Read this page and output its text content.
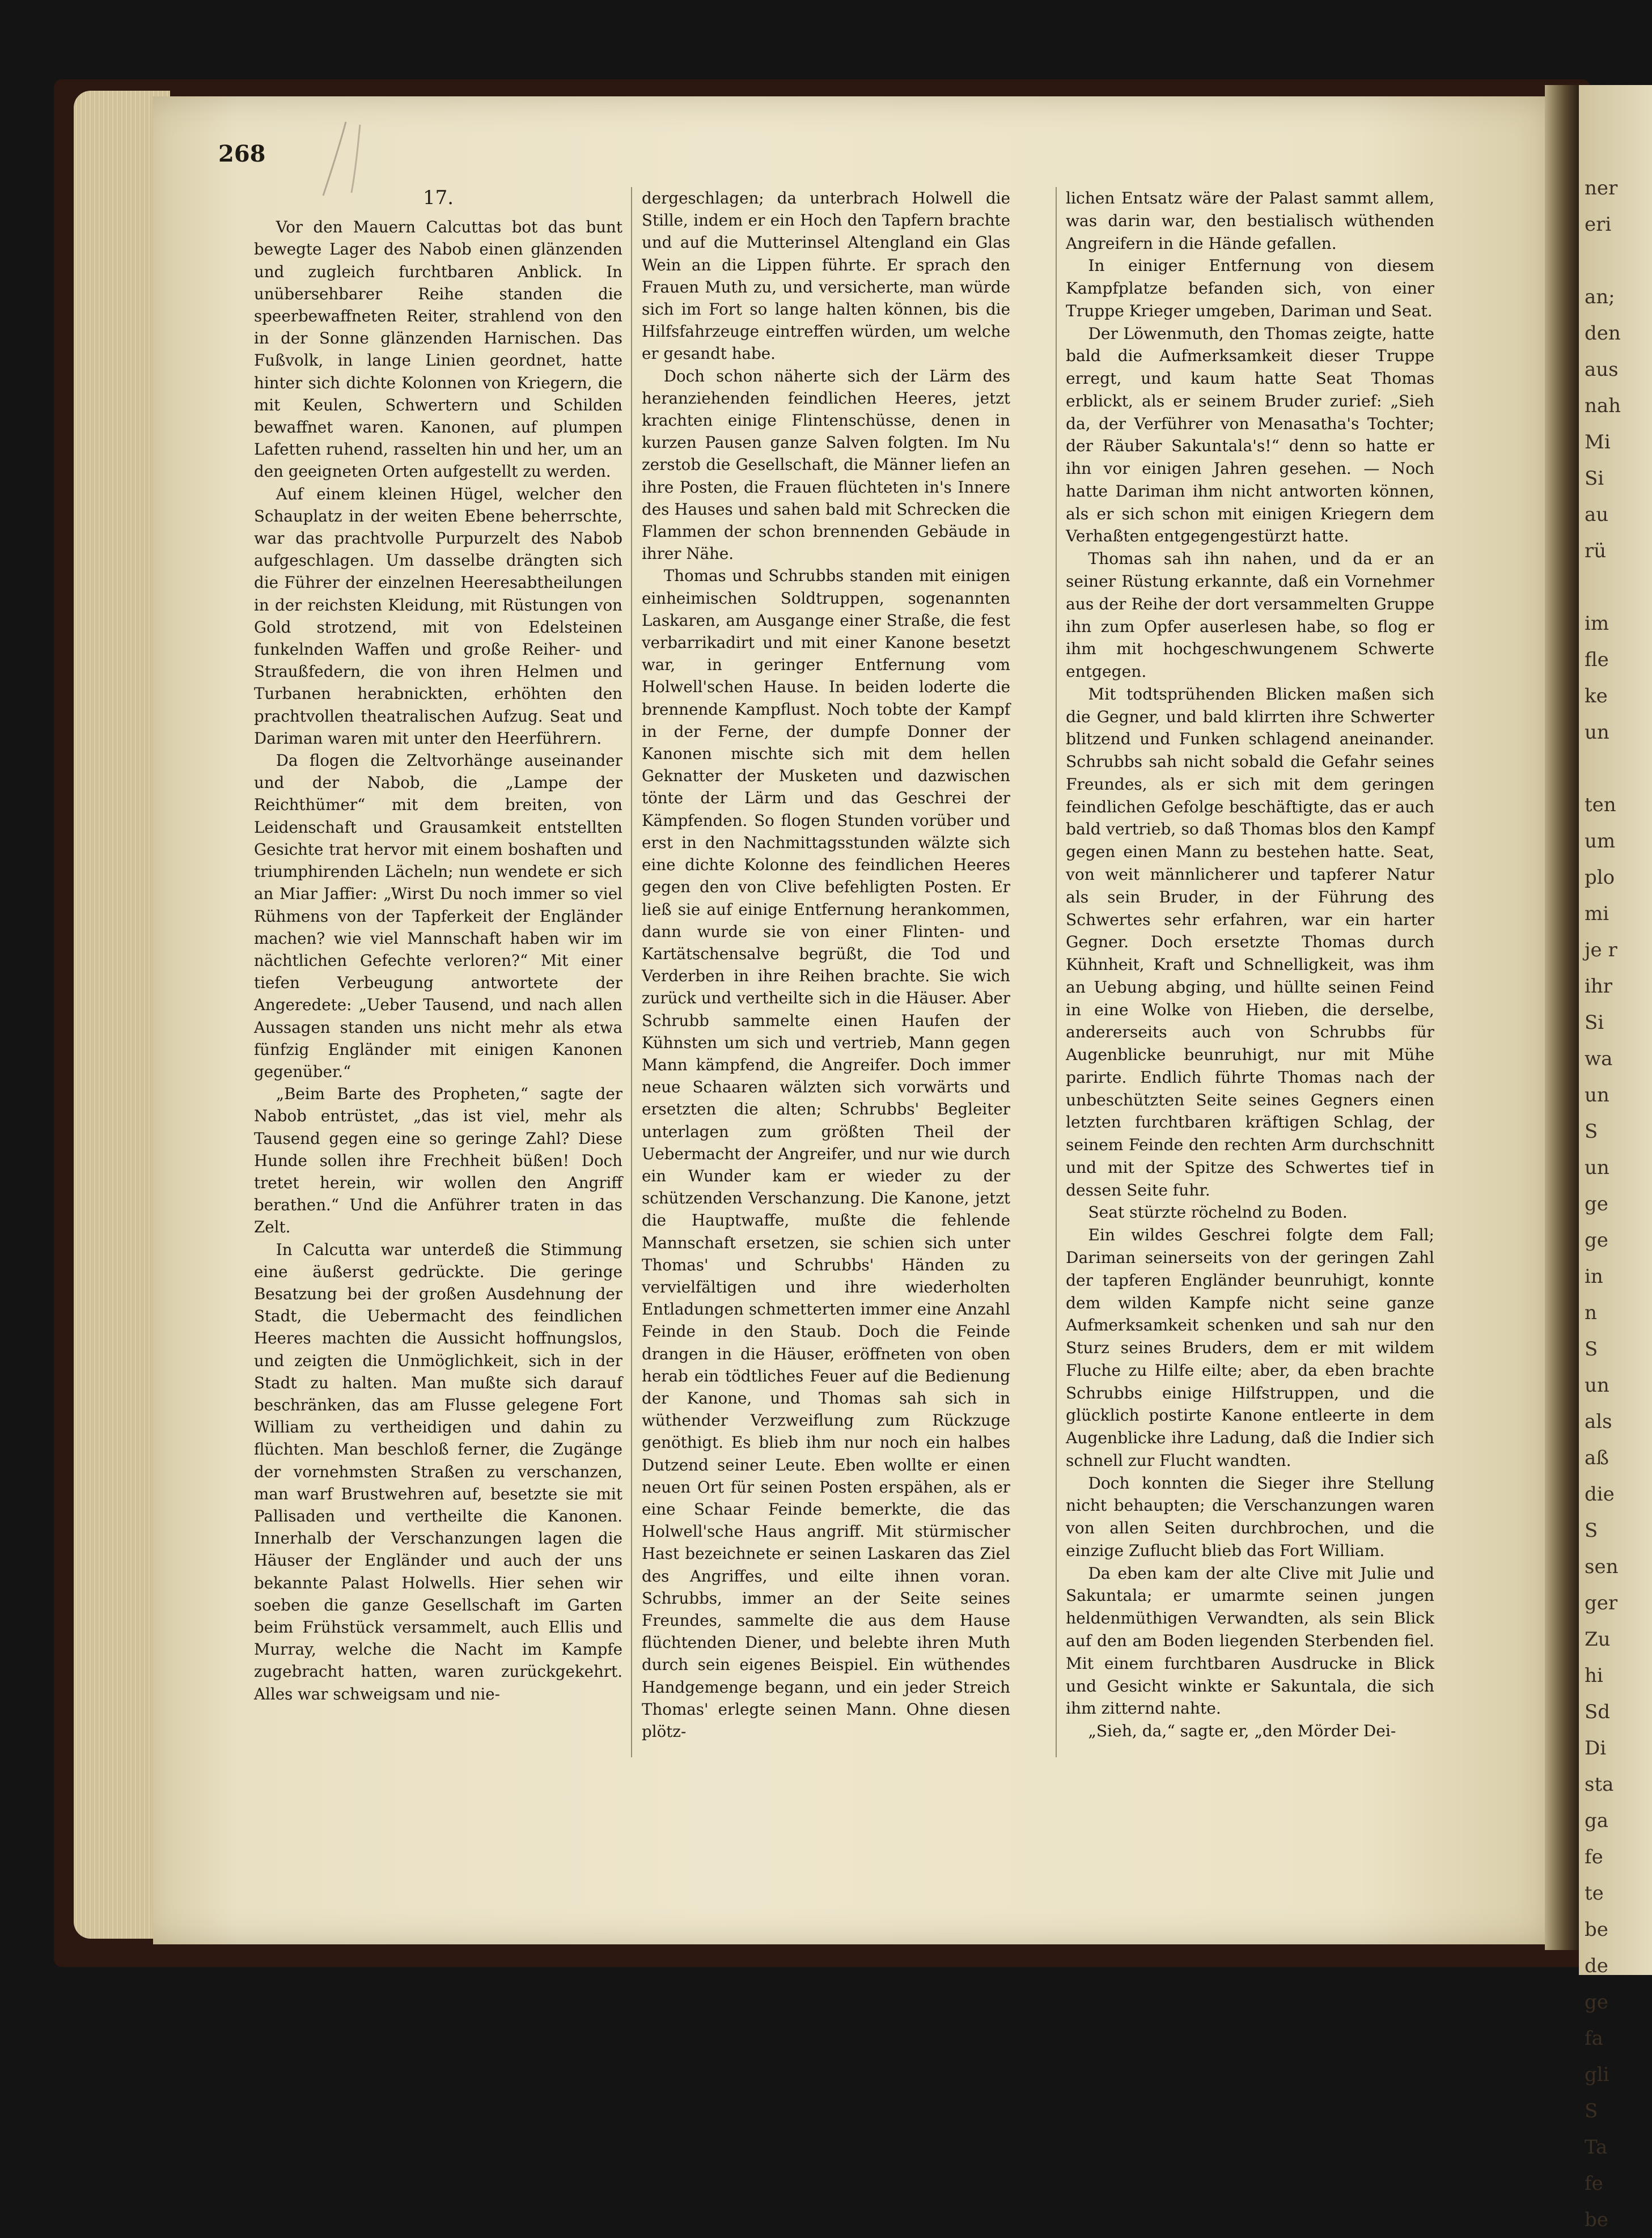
ner
eri

an;
den
aus
nah
Mi
Si
au
rü

im
fle
ke
un

ten
um
plo
mi
je r
ihr
Si
wa
un
S
un
ge
ge
in
n
S
un
als
aß
die
S
sen
ger
Zu
hi
Sd
Di
sta
ga
fe
te
be
de
ge
fa
gli
S
Ta
fe
be
268
17.

Vor den Mauern Calcuttas bot das bunt bewegte Lager des Nabob einen glänzenden und zugleich furchtbaren Anblick. In unübersehbarer Reihe standen die speerbewaffneten Reiter, strahlend von den in der Sonne glänzenden Harnischen. Das Fußvolk, in lange Linien geordnet, hatte hinter sich dichte Kolonnen von Kriegern, die mit Keulen, Schwertern und Schilden bewaffnet waren. Kanonen, auf plumpen Lafetten ruhend, rasselten hin und her, um an den geeigneten Orten aufgestellt zu werden.

Auf einem kleinen Hügel, welcher den Schauplatz in der weiten Ebene beherrschte, war das prachtvolle Purpurzelt des Nabob aufgeschlagen. Um dasselbe drängten sich die Führer der einzelnen Heeresabtheilungen in der reichsten Kleidung, mit Rüstungen von Gold strotzend, mit von Edelsteinen funkelnden Waffen und große Reiher- und Straußfedern, die von ihren Helmen und Turbanen herabnickten, erhöhten den prachtvollen theatralischen Aufzug. Seat und Dariman waren mit unter den Heerführern.

Da flogen die Zeltvorhänge auseinander und der Nabob, die „Lampe der Reichthümer“ mit dem breiten, von Leidenschaft und Grausamkeit entstellten Gesichte trat hervor mit einem boshaften und triumphirenden Lächeln; nun wendete er sich an Miar Jaffier: „Wirst Du noch immer so viel Rühmens von der Tapferkeit der Engländer machen? wie viel Mannschaft haben wir im nächtlichen Gefechte verloren?“ Mit einer tiefen Verbeugung antwortete der Angeredete: „Ueber Tausend, und nach allen Aussagen standen uns nicht mehr als etwa fünfzig Engländer mit einigen Kanonen gegenüber.“

„Beim Barte des Propheten,“ sagte der Nabob entrüstet, „das ist viel, mehr als Tausend gegen eine so geringe Zahl? Diese Hunde sollen ihre Frechheit büßen! Doch tretet herein, wir wollen den Angriff berathen.“ Und die Anführer traten in das Zelt.

In Calcutta war unterdeß die Stimmung eine äußerst gedrückte. Die geringe Besatzung bei der großen Ausdehnung der Stadt, die Uebermacht des feindlichen Heeres machten die Aussicht hoffnungslos, und zeigten die Unmöglichkeit, sich in der Stadt zu halten. Man mußte sich darauf beschränken, das am Flusse gelegene Fort William zu vertheidigen und dahin zu flüchten. Man beschloß ferner, die Zugänge der vornehmsten Straßen zu verschanzen, man warf Brustwehren auf, besetzte sie mit Pallisaden und vertheilte die Kanonen. Innerhalb der Verschanzungen lagen die Häuser der Engländer und auch der uns bekannte Palast Holwells. Hier sehen wir soeben die ganze Gesellschaft im Garten beim Frühstück versammelt, auch Ellis und Murray, welche die Nacht im Kampfe zugebracht hatten, waren zurückgekehrt. Alles war schweigsam und nie-

dergeschlagen; da unterbrach Holwell die Stille, indem er ein Hoch den Tapfern brachte und auf die Mutterinsel Altengland ein Glas Wein an die Lippen führte. Er sprach den Frauen Muth zu, und versicherte, man würde sich im Fort so lange halten können, bis die Hilfsfahrzeuge eintreffen würden, um welche er gesandt habe.

Doch schon näherte sich der Lärm des heranziehenden feindlichen Heeres, jetzt krachten einige Flintenschüsse, denen in kurzen Pausen ganze Salven folgten. Im Nu zerstob die Gesellschaft, die Männer liefen an ihre Posten, die Frauen flüchteten in's Innere des Hauses und sahen bald mit Schrecken die Flammen der schon brennenden Gebäude in ihrer Nähe.

Thomas und Schrubbs standen mit einigen einheimischen Soldtruppen, sogenannten Laskaren, am Ausgange einer Straße, die fest verbarrikadirt und mit einer Kanone besetzt war, in geringer Entfernung vom Holwell'schen Hause. In beiden loderte die brennende Kampflust. Noch tobte der Kampf in der Ferne, der dumpfe Donner der Kanonen mischte sich mit dem hellen Geknatter der Musketen und dazwischen tönte der Lärm und das Geschrei der Kämpfenden. So flogen Stunden vorüber und erst in den Nachmittagsstunden wälzte sich eine dichte Kolonne des feindlichen Heeres gegen den von Clive befehligten Posten. Er ließ sie auf einige Entfernung herankommen, dann wurde sie von einer Flinten- und Kartätschensalve begrüßt, die Tod und Verderben in ihre Reihen brachte. Sie wich zurück und vertheilte sich in die Häuser. Aber Schrubb sammelte einen Haufen der Kühnsten um sich und vertrieb, Mann gegen Mann kämpfend, die Angreifer. Doch immer neue Schaaren wälzten sich vorwärts und ersetzten die alten; Schrubbs' Begleiter unterlagen zum größten Theil der Uebermacht der Angreifer, und nur wie durch ein Wunder kam er wieder zu der schützenden Verschanzung. Die Kanone, jetzt die Hauptwaffe, mußte die fehlende Mannschaft ersetzen, sie schien sich unter Thomas' und Schrubbs' Händen zu vervielfältigen und ihre wiederholten Entladungen schmetterten immer eine Anzahl Feinde in den Staub. Doch die Feinde drangen in die Häuser, eröffneten von oben herab ein tödtliches Feuer auf die Bedienung der Kanone, und Thomas sah sich in wüthender Verzweiflung zum Rückzuge genöthigt. Es blieb ihm nur noch ein halbes Dutzend seiner Leute. Eben wollte er einen neuen Ort für seinen Posten erspähen, als er eine Schaar Feinde bemerkte, die das Holwell'sche Haus angriff. Mit stürmischer Hast bezeichnete er seinen Laskaren das Ziel des Angriffes, und eilte ihnen voran. Schrubbs, immer an der Seite seines Freundes, sammelte die aus dem Hause flüchtenden Diener, und belebte ihren Muth durch sein eigenes Beispiel. Ein wüthendes Handgemenge begann, und ein jeder Streich Thomas' erlegte seinen Mann. Ohne diesen plötz-

lichen Entsatz wäre der Palast sammt allem, was darin war, den bestialisch wüthenden Angreifern in die Hände gefallen.

In einiger Entfernung von diesem Kampfplatze befanden sich, von einer Truppe Krieger umgeben, Dariman und Seat.

Der Löwenmuth, den Thomas zeigte, hatte bald die Aufmerksamkeit dieser Truppe erregt, und kaum hatte Seat Thomas erblickt, als er seinem Bruder zurief: „Sieh da, der Verführer von Menasatha's Tochter; der Räuber Sakuntala's!“ denn so hatte er ihn vor einigen Jahren gesehen. — Noch hatte Dariman ihm nicht antworten können, als er sich schon mit einigen Kriegern dem Verhaßten entgegengestürzt hatte.

Thomas sah ihn nahen, und da er an seiner Rüstung erkannte, daß ein Vornehmer aus der Reihe der dort versammelten Gruppe ihn zum Opfer auserlesen habe, so flog er ihm mit hochgeschwungenem Schwerte entgegen.

Mit todtsprühenden Blicken maßen sich die Gegner, und bald klirrten ihre Schwerter blitzend und Funken schlagend aneinander. Schrubbs sah nicht sobald die Gefahr seines Freundes, als er sich mit dem geringen feindlichen Gefolge beschäftigte, das er auch bald vertrieb, so daß Thomas blos den Kampf gegen einen Mann zu bestehen hatte. Seat, von weit männlicherer und tapferer Natur als sein Bruder, in der Führung des Schwertes sehr erfahren, war ein harter Gegner. Doch ersetzte Thomas durch Kühnheit, Kraft und Schnelligkeit, was ihm an Uebung abging, und hüllte seinen Feind in eine Wolke von Hieben, die derselbe, andererseits auch von Schrubbs für Augenblicke beunruhigt, nur mit Mühe parirte. Endlich führte Thomas nach der unbeschützten Seite seines Gegners einen letzten furchtbaren kräftigen Schlag, der seinem Feinde den rechten Arm durchschnitt und mit der Spitze des Schwertes tief in dessen Seite fuhr.

Seat stürzte röchelnd zu Boden.

Ein wildes Geschrei folgte dem Fall; Dariman seinerseits von der geringen Zahl der tapferen Engländer beunruhigt, konnte dem wilden Kampfe nicht seine ganze Aufmerksamkeit schenken und sah nur den Sturz seines Bruders, dem er mit wildem Fluche zu Hilfe eilte; aber, da eben brachte Schrubbs einige Hilfstruppen, und die glücklich postirte Kanone entleerte in dem Augenblicke ihre Ladung, daß die Indier sich schnell zur Flucht wandten.

Doch konnten die Sieger ihre Stellung nicht behaupten; die Verschanzungen waren von allen Seiten durchbrochen, und die einzige Zuflucht blieb das Fort William.

Da eben kam der alte Clive mit Julie und Sakuntala; er umarmte seinen jungen heldenmüthigen Verwandten, als sein Blick auf den am Boden liegenden Sterbenden fiel. Mit einem furchtbaren Ausdrucke in Blick und Gesicht winkte er Sakuntala, die sich ihm zitternd nahte.

„Sieh, da,“ sagte er, „den Mörder Dei-
